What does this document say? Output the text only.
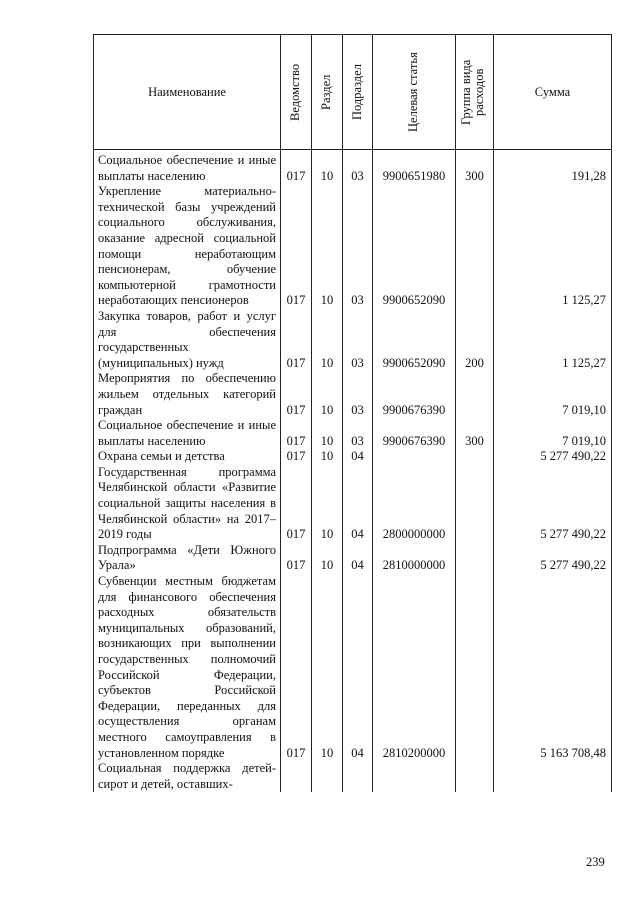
Наименование	Ведомство	Раздел	Подраздел	Целевая статья	Группа вида расходов	Сумма
Социальное обеспечение и иные выплаты населению	017	10	03	9900651980	300	191,28
Укрепление материально-технической базы учреждений социального обслуживания, оказание адресной социальной помощи неработающим пенсионерам, обучение компьютерной грамотности неработающих пенсионеров	017	10	03	9900652090		1 125,27
Закупка товаров, работ и услуг для обеспечения государственных (муниципальных) нужд	017	10	03	9900652090	200	1 125,27
Мероприятия по обеспечению жильем отдельных категорий граждан	017	10	03	9900676390		7 019,10
Социальное обеспечение и иные выплаты населению	017	10	03	9900676390	300	7 019,10
Охрана семьи и детства	017	10	04			5 277 490,22
Государственная программа Челябинской области «Развитие социальной защиты населения в Челябинской области» на 2017–2019 годы	017	10	04	2800000000		5 277 490,22
Подпрограмма «Дети Южного Урала»	017	10	04	2810000000		5 277 490,22
Субвенции местным бюджетам для финансового обеспечения расходных обязательств муниципальных образований, возникающих при выполнении государственных полномочий Российской Федерации, субъектов Российской Федерации, переданных для осуществления органам местного самоуправления в установленном порядке	017	10	04	2810200000		5 163 708,48
Социальная поддержка детей-сирот и детей, оставших-						
239
